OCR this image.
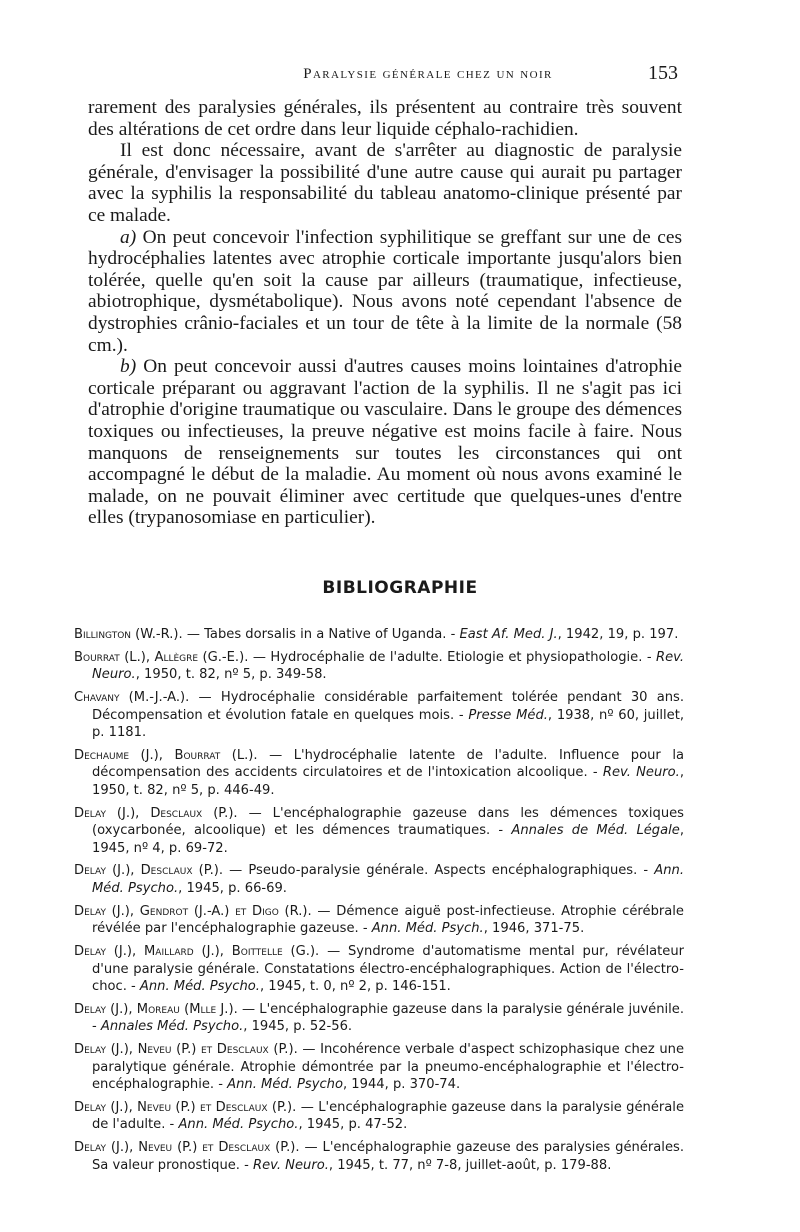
Paralysie générale chez un noir	153

rarement des paralysies générales, ils présentent au contraire très souvent des altérations de cet ordre dans leur liquide céphalo-rachidien.

Il est donc nécessaire, avant de s'arrêter au diagnostic de paralysie générale, d'envisager la possibilité d'une autre cause qui aurait pu partager avec la syphilis la responsabilité du tableau anatomo-clinique présenté par ce malade.

a) On peut concevoir l'infection syphilitique se greffant sur une de ces hydrocéphalies latentes avec atrophie corticale importante jusqu'alors bien tolérée, quelle qu'en soit la cause par ailleurs (traumatique, infectieuse, abiotrophique, dysmétabolique). Nous avons noté cependant l'absence de dystrophies crânio-faciales et un tour de tête à la limite de la normale (58 cm.).

b) On peut concevoir aussi d'autres causes moins lointaines d'atrophie corticale préparant ou aggravant l'action de la syphilis. Il ne s'agit pas ici d'atrophie d'origine traumatique ou vasculaire. Dans le groupe des démences toxiques ou infectieuses, la preuve négative est moins facile à faire. Nous manquons de renseignements sur toutes les circonstances qui ont accompagné le début de la maladie. Au moment où nous avons examiné le malade, on ne pouvait éliminer avec certitude que quelques-unes d'entre elles (trypanosomiase en particulier).

BIBLIOGRAPHIE

Billington (W.-R.). — Tabes dorsalis in a Native of Uganda. - East Af. Med. J., 1942, 19, p. 197.

Bourrat (L.), Allègre (G.-E.). — Hydrocéphalie de l'adulte. Etiologie et physiopathologie. - Rev. Neuro., 1950, t. 82, nº 5, p. 349-58.

Chavany (M.-J.-A.). — Hydrocéphalie considérable parfaitement tolérée pendant 30 ans. Décompensation et évolution fatale en quelques mois. - Presse Méd., 1938, nº 60, juillet, p. 1181.

Dechaume (J.), Bourrat (L.). — L'hydrocéphalie latente de l'adulte. Influence pour la décompensation des accidents circulatoires et de l'intoxication alcoolique. - Rev. Neuro., 1950, t. 82, nº 5, p. 446-49.

Delay (J.), Desclaux (P.). — L'encéphalographie gazeuse dans les démences toxiques (oxycarbonée, alcoolique) et les démences traumatiques. - Annales de Méd. Légale, 1945, nº 4, p. 69-72.

Delay (J.), Desclaux (P.). — Pseudo-paralysie générale. Aspects encéphalographiques. - Ann. Méd. Psycho., 1945, p. 66-69.

Delay (J.), Gendrot (J.-A.) et Digo (R.). — Démence aiguë post-infectieuse. Atrophie cérébrale révélée par l'encéphalographie gazeuse. - Ann. Méd. Psych., 1946, 371-75.

Delay (J.), Maillard (J.), Boittelle (G.). — Syndrome d'automatisme mental pur, révélateur d'une paralysie générale. Constatations électro-encéphalographiques. Action de l'électro-choc. - Ann. Méd. Psycho., 1945, t. 0, nº 2, p. 146-151.

Delay (J.), Moreau (Mlle J.). — L'encéphalographie gazeuse dans la paralysie générale juvénile. - Annales Méd. Psycho., 1945, p. 52-56.

Delay (J.), Neveu (P.) et Desclaux (P.). — Incohérence verbale d'aspect schizophasique chez une paralytique générale. Atrophie démontrée par la pneumo-encéphalographie et l'électro-encéphalographie. - Ann. Méd. Psycho, 1944, p. 370-74.

Delay (J.), Neveu (P.) et Desclaux (P.). — L'encéphalographie gazeuse dans la paralysie générale de l'adulte. - Ann. Méd. Psycho., 1945, p. 47-52.

Delay (J.), Neveu (P.) et Desclaux (P.). — L'encéphalographie gazeuse des paralysies générales. Sa valeur pronostique. - Rev. Neuro., 1945, t. 77, nº 7-8, juillet-août, p. 179-88.
